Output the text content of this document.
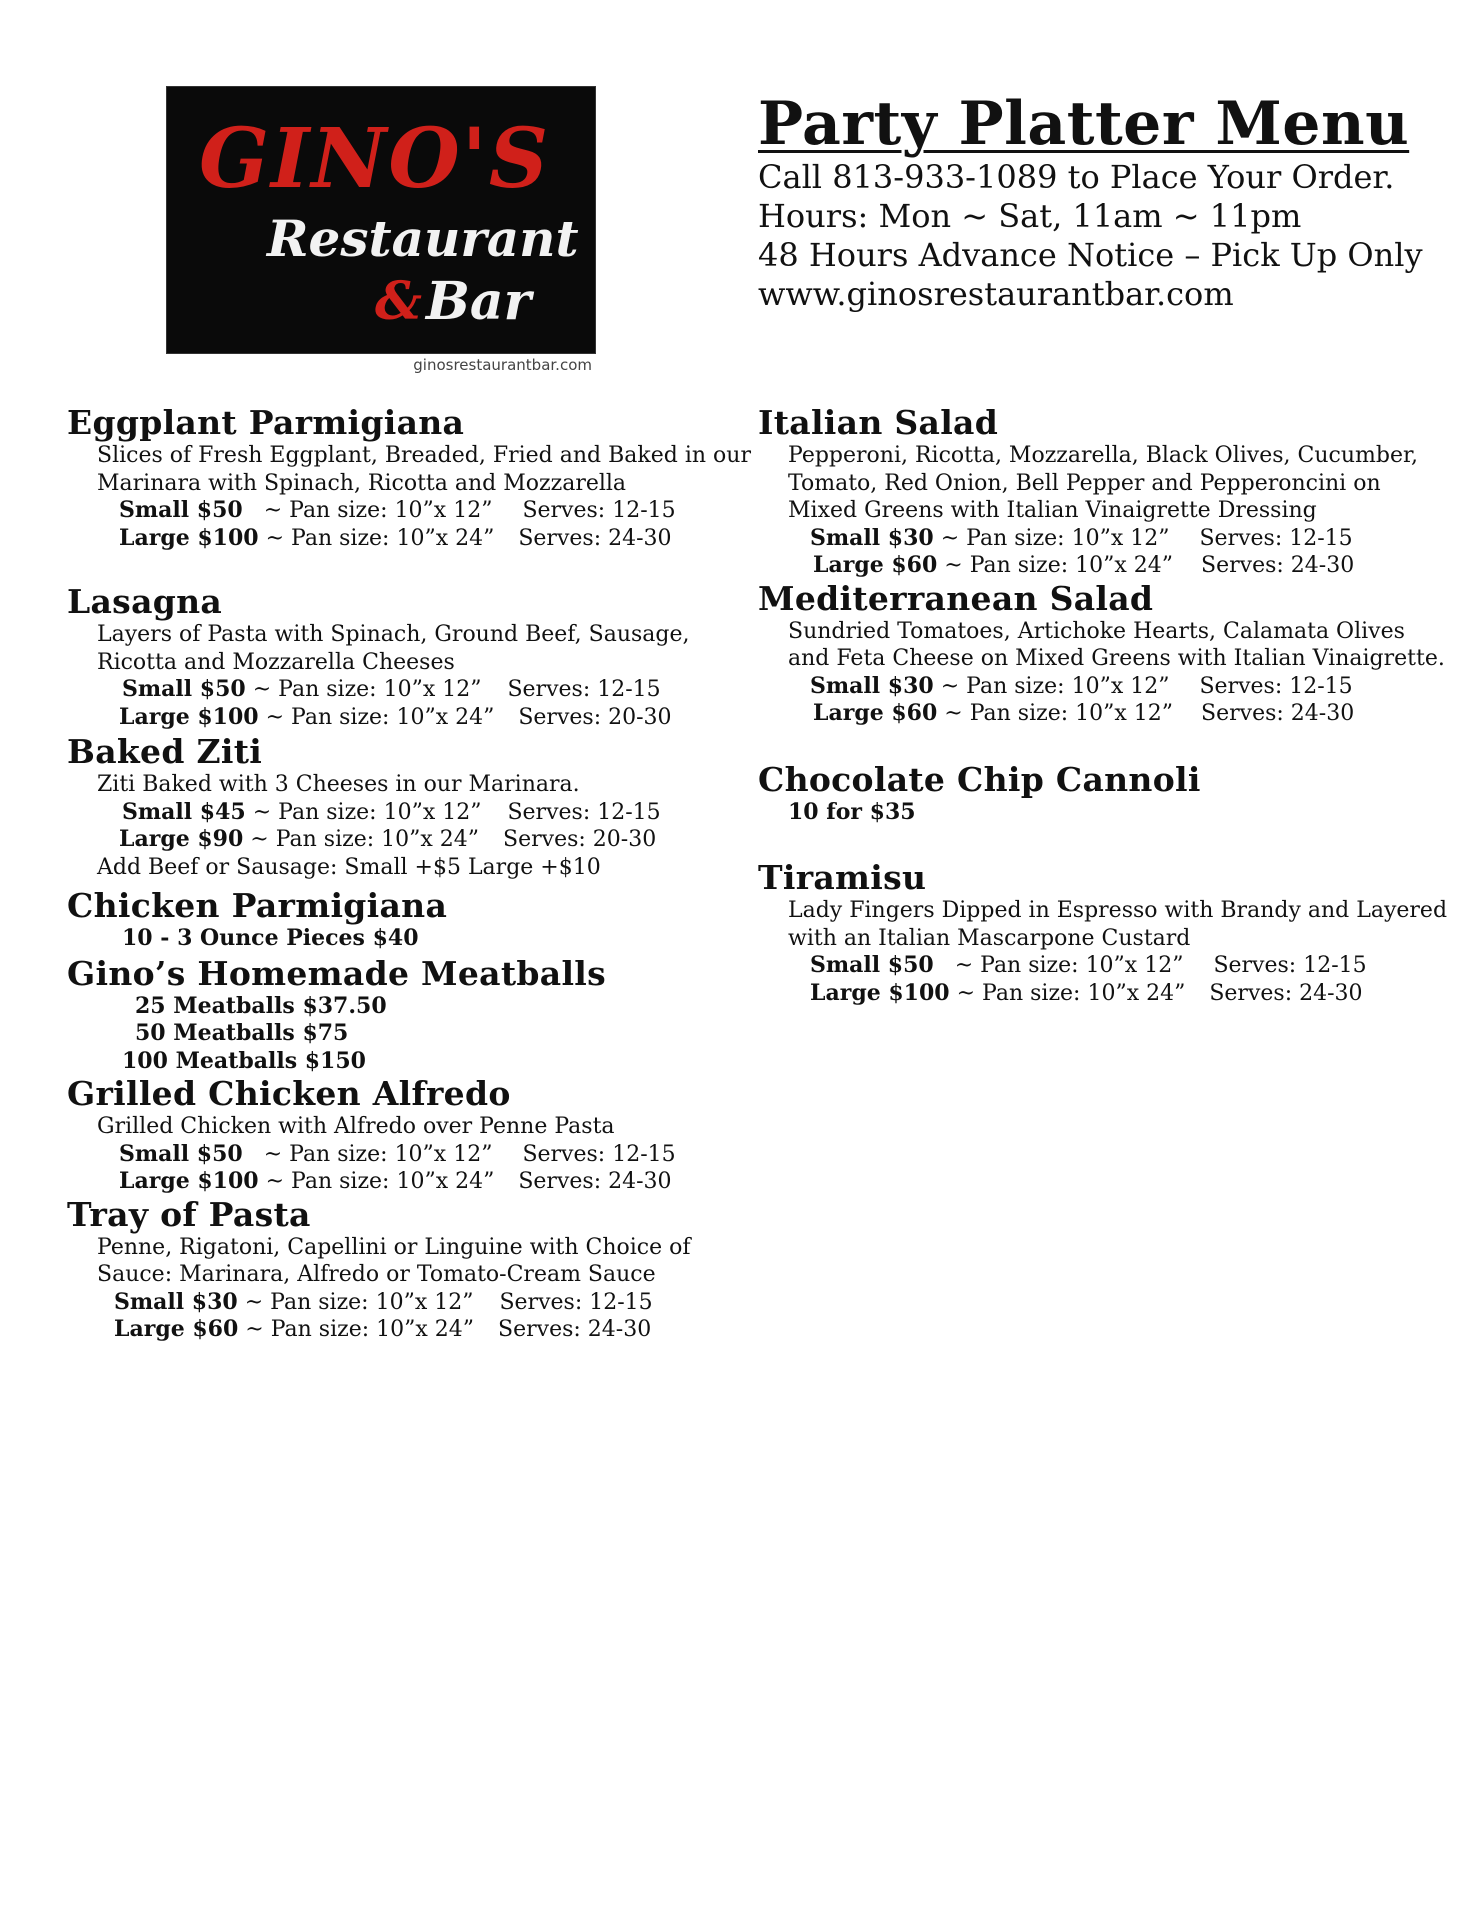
GINO'S
Restaurant
&Bar
ginosrestaurantbar.com
Party Platter Menu
Call 813-933-1089 to Place Your Order.
Hours: Mon ~ Sat, 11am ~ 11pm
48 Hours Advance Notice – Pick Up Only
www.ginosrestaurantbar.com
Eggplant Parmigiana
Slices of Fresh Eggplant, Breaded, Fried and Baked in our
Marinara with Spinach, Ricotta and Mozzarella
Small $50 ~ Pan size: 10”x 12” Serves: 12-15
Large $100 ~ Pan size: 10”x 24” Serves: 24-30
Lasagna
Layers of Pasta with Spinach, Ground Beef, Sausage,
Ricotta and Mozzarella Cheeses
Small $50 ~ Pan size: 10”x 12” Serves: 12-15
Large $100 ~ Pan size: 10”x 24” Serves: 20-30
Baked Ziti
Ziti Baked with 3 Cheeses in our Marinara.
Small $45 ~ Pan size: 10”x 12” Serves: 12-15
Large $90 ~ Pan size: 10”x 24” Serves: 20-30
Add Beef or Sausage: Small +$5 Large +$10
Chicken Parmigiana
10 - 3 Ounce Pieces $40
Gino’s Homemade Meatballs
25 Meatballs $37.50
50 Meatballs $75
100 Meatballs $150
Grilled Chicken Alfredo
Grilled Chicken with Alfredo over Penne Pasta
Small $50 ~ Pan size: 10”x 12” Serves: 12-15
Large $100 ~ Pan size: 10”x 24” Serves: 24-30
Tray of Pasta
Penne, Rigatoni, Capellini or Linguine with Choice of
Sauce: Marinara, Alfredo or Tomato-Cream Sauce
Small $30 ~ Pan size: 10”x 12” Serves: 12-15
Large $60 ~ Pan size: 10”x 24” Serves: 24-30
Italian Salad
Pepperoni, Ricotta, Mozzarella, Black Olives, Cucumber,
Tomato, Red Onion, Bell Pepper and Pepperoncini on
Mixed Greens with Italian Vinaigrette Dressing
Small $30 ~ Pan size: 10”x 12” Serves: 12-15
Large $60 ~ Pan size: 10”x 24” Serves: 24-30
Mediterranean Salad
Sundried Tomatoes, Artichoke Hearts, Calamata Olives
and Feta Cheese on Mixed Greens with Italian Vinaigrette.
Small $30 ~ Pan size: 10”x 12” Serves: 12-15
Large $60 ~ Pan size: 10”x 12” Serves: 24-30
Chocolate Chip Cannoli
10 for $35
Tiramisu
Lady Fingers Dipped in Espresso with Brandy and Layered
with an Italian Mascarpone Custard
Small $50 ~ Pan size: 10”x 12” Serves: 12-15
Large $100 ~ Pan size: 10”x 24” Serves: 24-30
